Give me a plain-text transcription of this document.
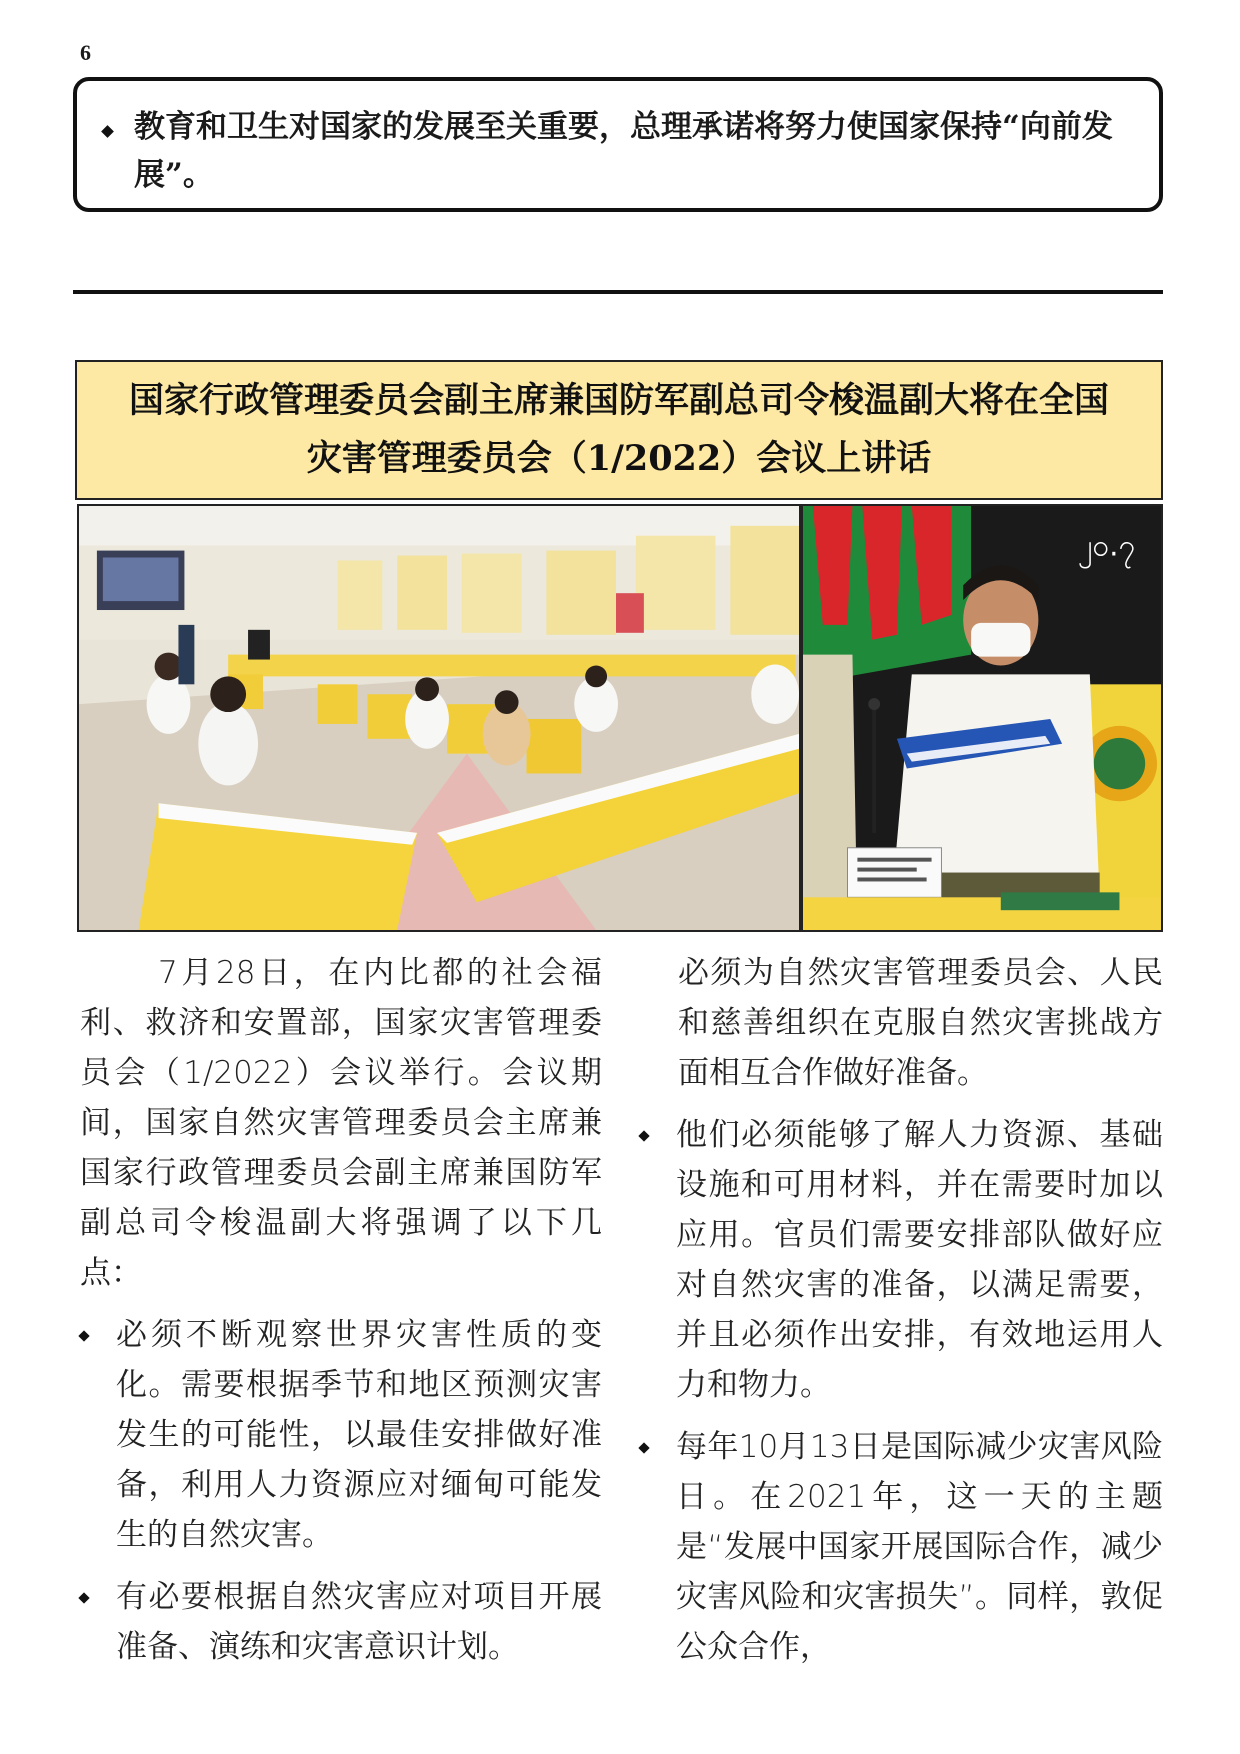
6

教育和卫生对国家的发展至关重要，总理承诺将努力使国家保持“向前发展”。

国家行政管理委员会副主席兼国防军副总司令梭温副大将在全国
灾害管理委员会（1/2022）会议上讲话
၂၀.၇

7月28日，在内比都的社会福利、救济和安置部，国家灾害管理委员会（1/2022）会议举行。会议期间，国家自然灾害管理委员会主席兼国家行政管理委员会副主席兼国防军副总司令梭温副大将强调了以下几点：

必须不断观察世界灾害性质的变化。需要根据季节和地区预测灾害发生的可能性，以最佳安排做好准备，利用人力资源应对缅甸可能发生的自然灾害。
有必要根据自然灾害应对项目开展准备、演练和灾害意识计划。

必须为自然灾害管理委员会、人民和慈善组织在克服自然灾害挑战方面相互合作做好准备。

他们必须能够了解人力资源、基础设施和可用材料，并在需要时加以应用。官员们需要安排部队做好应对自然灾害的准备，以满足需要，并且必须作出安排，有效地运用人力和物力。
每年10月13日是国际减少灾害风险日。在2021年，这一天的主题是“发展中国家开展国际合作，减少灾害风险和灾害损失”。同样，敦促公众合作，
